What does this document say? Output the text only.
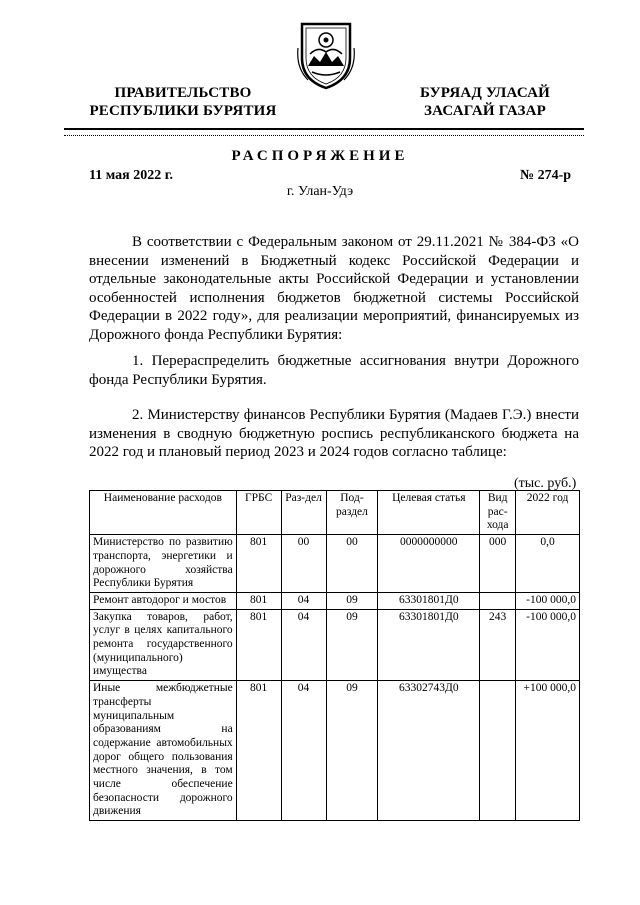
ПРАВИТЕЛЬСТВО
РЕСПУБЛИКИ БУРЯТИЯ
БУРЯАД УЛАСАЙ
ЗАСАГАЙ ГАЗАР
РАСПОРЯЖЕНИЕ
11 мая 2022 г.	№ 274-р
г. Улан-Удэ
В соответствии с Федеральным законом от 29.11.2021 № 384-ФЗ «О внесении изменений в Бюджетный кодекс Российской Федерации и отдельные законодательные акты Российской Федерации и установлении особенностей исполнения бюджетов бюджетной системы Российской Федерации в 2022 году», для реализации мероприятий, финансируемых из Дорожного фонда Республики Бурятия:
1. Перераспределить бюджетные ассигнования внутри Дорожного фонда Республики Бурятия.
2. Министерству финансов Республики Бурятия (Мадаев Г.Э.) внести изменения в сводную бюджетную роспись республиканского бюджета на 2022 год и плановый период 2023 и 2024 годов согласно таблице:
(тыс. руб.)
Наименование расходов	ГРБС	Раз-дел	Под-раздел	Целевая статья	Вид рас-хода	2022 год
Министерство по развитию транспорта, энергетики и дорожного хозяйства Республики Бурятия	801	00	00	0000000000	000	0,0
Ремонт автодорог и мостов	801	04	09	63301801Д0		-100 000,0
Закупка товаров, работ, услуг в целях капитального ремонта государственного (муниципального) имущества	801	04	09	63301801Д0	243	-100 000,0
Иные межбюджетные трансферты муниципальным образованиям на содержание автомобильных дорог общего пользования местного значения, в том числе обеспечение безопасности дорожного движения	801	04	09	63302743Д0		+100 000,0
